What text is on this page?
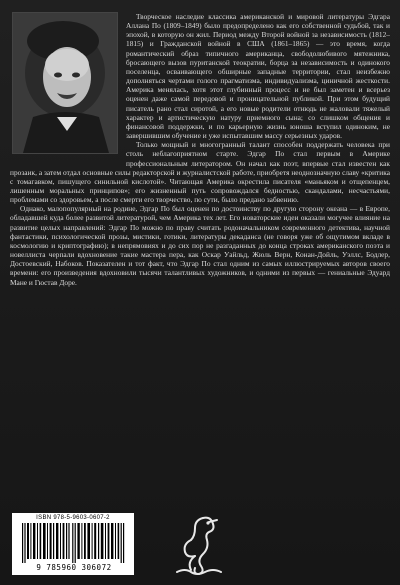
Творческое наследие классика американской и мировой литературы Эдгара Аллана По (1809–1849) было предопределено как его собственной судьбой, так и эпохой, в которую он жил. Период между Второй войной за независимость (1812–1815) и Гражданской войной в США (1861–1865) — это время, когда романтический образ типичного американца, свободолюбивого мятежника, бросающего вызов пуританской теократии, борца за независимость и одинокого поселенца, осваивающего обширные западные территории, стал неизбежно дополняться чертами голого прагматизма, индивидуализма, циничной жесткости. Америка менялась, хотя этот глубинный процесс и не был заметен и всерьез оценен даже самой передовой и проницательной публикой. При этом будущий писатель рано стал сиротой, а его новые родители отнюдь не жаловали тяжелый характер и артистическую натуру приемного сына; со слишком общения и финансовой поддержки, и по карьерную жизнь юноша вступил одиноким, не завершившим обучение и уже испытавшим массу серьезных ударов.

Только мощный и многогранный талант способен поддержать человека при столь неблагоприятном старте. Эдгар По стал первым в Америке профессиональным литератором. Он начал как поэт, впервые стал известен как прозаик, а затем отдал основные силы редакторской и журналистской работе, приобретя неоднозначную славу «критика с томагавком, пишущего синильной кислотой». Читающая Америка окрестила писателя «маньяком и отщепенцем, лишенным моральных принципов»; его жизненный путь сопровождался бедностью, скандалами, несчастьями, проблемами со здоровьем, а после смерти его творчество, по сути, было предано забвению.

Однако, малопопулярный на родине, Эдгар По был оценен по достоинству по другую сторону океана — в Европе, обладавшей куда более развитой литературой, чем Америка тех лет. Его новаторские идеи оказали могучее влияние на развитие целых направлений: Эдгар По можно по праву считать родоначальником современного детектива, научной фантастики, психологической прозы, мистики, готики, литературы декаданса (не говоря уже об ощутимом вкладе в космологию и криптографию); в непрямовиях и до сих пор не разгаданных до конца строках американского поэта и новеллиста черпали вдохновение такие мастера пера, как Оскар Уайльд, Жюль Верн, Конан-Дойль, Уэллс, Бодлер, Достоевский, Набоков. Показателен и тот факт, что Эдгар По стал одним из самых иллюстрируемых авторов своего времени: его произведения вдохновили тысячи талантливых художников, и одними из первых — гениальные Эдуард Мане и Гюстав Доре.

ISBN 978-5-9603-0607-2
9 785960 306072
